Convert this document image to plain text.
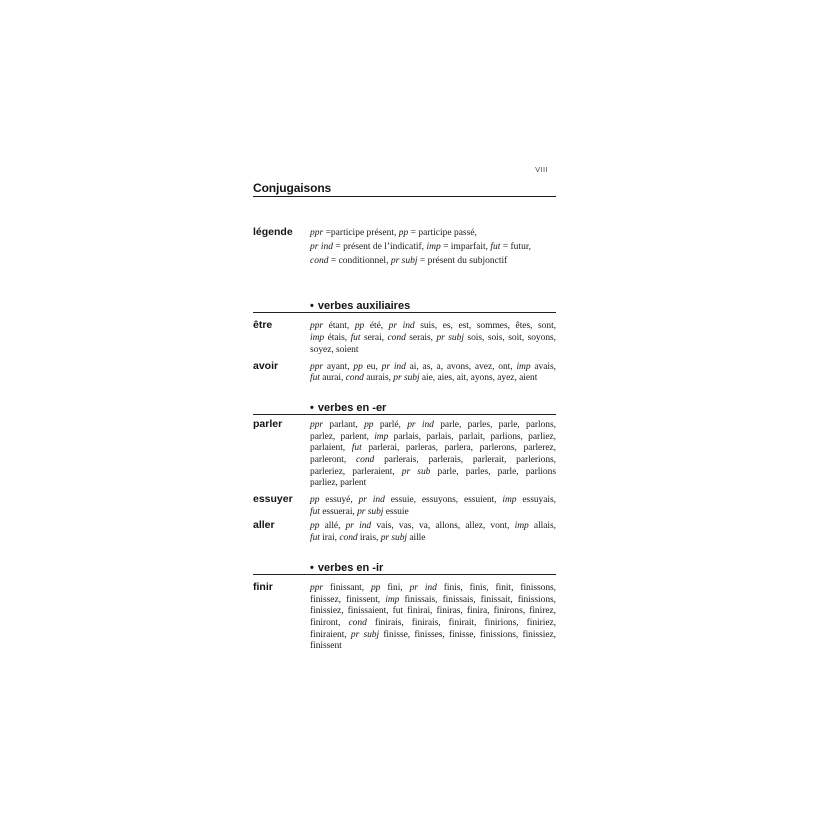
VIII
Conjugaisons
légende	ppr =participe présent, pp = participe passé,
pr ind = présent de l’indicatif, imp = imparfait, fut = futur,
cond = conditionnel, pr subj = présent du subjonctif
• verbes auxiliaires
être	ppr étant, pp été, pr ind suis, es, est, sommes, êtes, sont,
imp étais, fut serai, cond serais, pr subj sois, sois, soit, soyons,
soyez, soient
avoir	ppr ayant, pp eu, pr ind ai, as, a, avons, avez, ont, imp avais,
fut aurai, cond aurais, pr subj aie, aies, ait, ayons, ayez, aient
• verbes en -er
parler	ppr parlant, pp parlé, pr ind parle, parles, parle, parlons,
parlez, parlent, imp parlais, parlais, parlait, parlions, parliez,
parlaient, fut parlerai, parleras, parlera, parlerons, parlerez,
parleront, cond parlerais, parlerais, parlerait, parlerions,
parleriez, parleraient, pr sub parle, parles, parle, parlions
parliez, parlent
essuyer	pp essuyé, pr ind essuie, essuyons, essuient, imp essuyais,
fut essuerai, pr subj essuie
aller	pp allé, pr ind vais, vas, va, allons, allez, vont, imp allais,
fut irai, cond irais, pr subj aille
• verbes en -ir
finir	ppr finissant, pp fini, pr ind finis, finis, finit, finissons,
finissez, finissent, imp finissais, finissais, finissait, finissions,
finissiez, finissaient, fut finirai, finiras, finira, finirons, finirez,
finiront, cond finirais, finirais, finirait, finirions, finiriez,
finiraient, pr subj finisse, finisses, finisse, finissions, finissiez,
finissent
